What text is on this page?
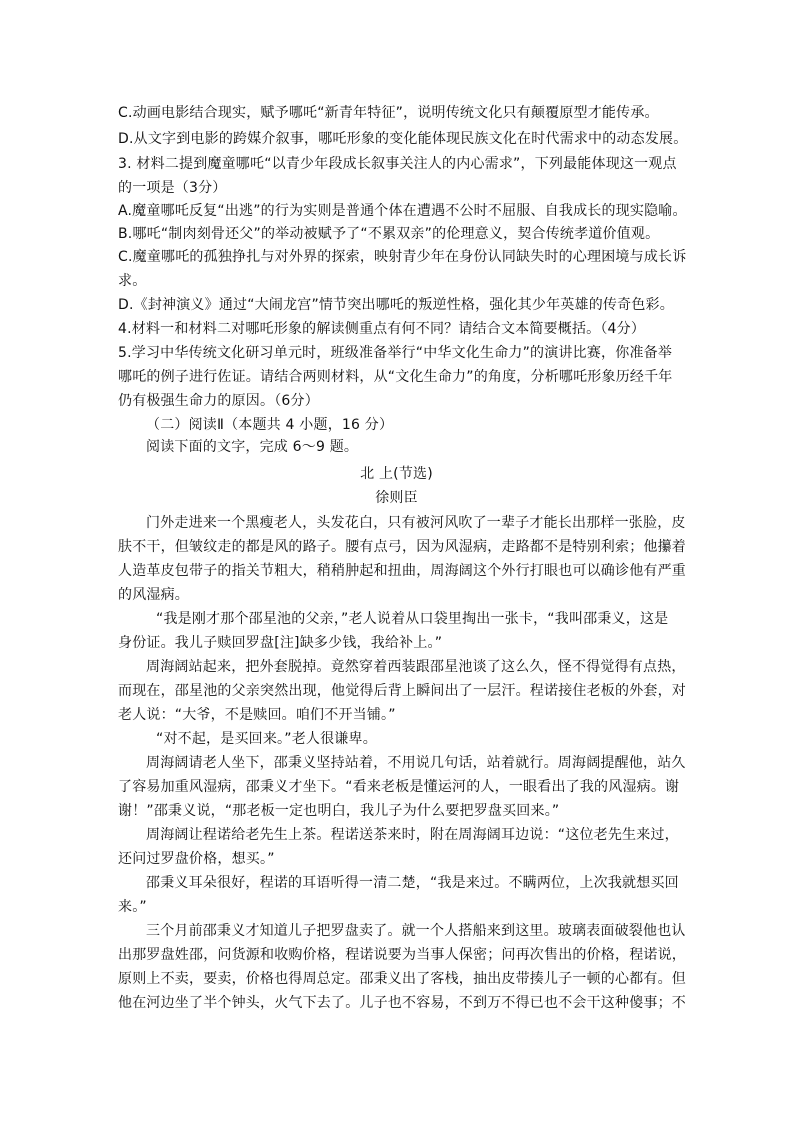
C.动画电影结合现实，赋予哪吒“新青年特征”，说明传统文化只有颠覆原型才能传承。
D.从文字到电影的跨媒介叙事，哪吒形象的变化能体现民族文化在时代需求中的动态发展。
3. 材料二提到魔童哪吒“以青少年段成长叙事关注人的内心需求”，下列最能体现这一观点
的一项是（3分）
A.魔童哪吒反复“出逃”的行为实则是普通个体在遭遇不公时不屈服、自我成长的现实隐喻。
B.哪吒“制肉刻骨还父”的举动被赋予了“不累双亲”的伦理意义，契合传统孝道价值观。
C.魔童哪吒的孤独挣扎与对外界的探索，映射青少年在身份认同缺失时的心理困境与成长诉
求。
D.《封神演义》通过“大闹龙宫”情节突出哪吒的叛逆性格，强化其少年英雄的传奇色彩。
4.材料一和材料二对哪吒形象的解读侧重点有何不同？请结合文本简要概括。（4分）
5.学习中华传统文化研习单元时，班级准备举行“中华文化生命力”的演讲比赛，你准备举
哪吒的例子进行佐证。请结合两则材料，从“文化生命力”的角度，分析哪吒形象历经千年
仍有极强生命力的原因。（6分）
（二）阅读Ⅱ（本题共 4 小题，16 分）
阅读下面的文字，完成 6～9 题。
北 上(节选)
徐则臣
门外走进来一个黑瘦老人，头发花白，只有被河风吹了一辈子才能长出那样一张脸，皮
肤不干，但皱纹走的都是风的路子。腰有点弓，因为风湿病，走路都不是特别利索；他攥着
人造革皮包带子的指关节粗大，稍稍肿起和扭曲，周海阔这个外行打眼也可以确诊他有严重
的风湿病。
“我是刚才那个邵星池的父亲，”老人说着从口袋里掏出一张卡，“我叫邵秉义，这是
身份证。我儿子赎回罗盘[注]缺多少钱，我给补上。”
周海阔站起来，把外套脱掉。竟然穿着西装跟邵星池谈了这么久，怪不得觉得有点热，
而现在，邵星池的父亲突然出现，他觉得后背上瞬间出了一层汗。程诺接住老板的外套，对
老人说：“大爷，不是赎回。咱们不开当铺。”
“对不起，是买回来。”老人很谦卑。
周海阔请老人坐下，邵秉义坚持站着，不用说几句话，站着就行。周海阔提醒他，站久
了容易加重风湿病，邵秉义才坐下。“看来老板是懂运河的人，一眼看出了我的风湿病。谢
谢！”邵秉义说，“那老板一定也明白，我儿子为什么要把罗盘买回来。”
周海阔让程诺给老先生上茶。程诺送茶来时，附在周海阔耳边说：“这位老先生来过，
还问过罗盘价格，想买。”
邵秉义耳朵很好，程诺的耳语听得一清二楚，“我是来过。不瞒两位，上次我就想买回
来。”
三个月前邵秉义才知道儿子把罗盘卖了。就一个人搭船来到这里。玻璃表面破裂他也认
出那罗盘姓邵，问货源和收购价格，程诺说要为当事人保密；问再次售出的价格，程诺说，
原则上不卖，要卖，价格也得周总定。邵秉义出了客栈，抽出皮带揍儿子一顿的心都有。但
他在河边坐了半个钟头，火气下去了。儿子也不容易，不到万不得已也不会干这种傻事；不
